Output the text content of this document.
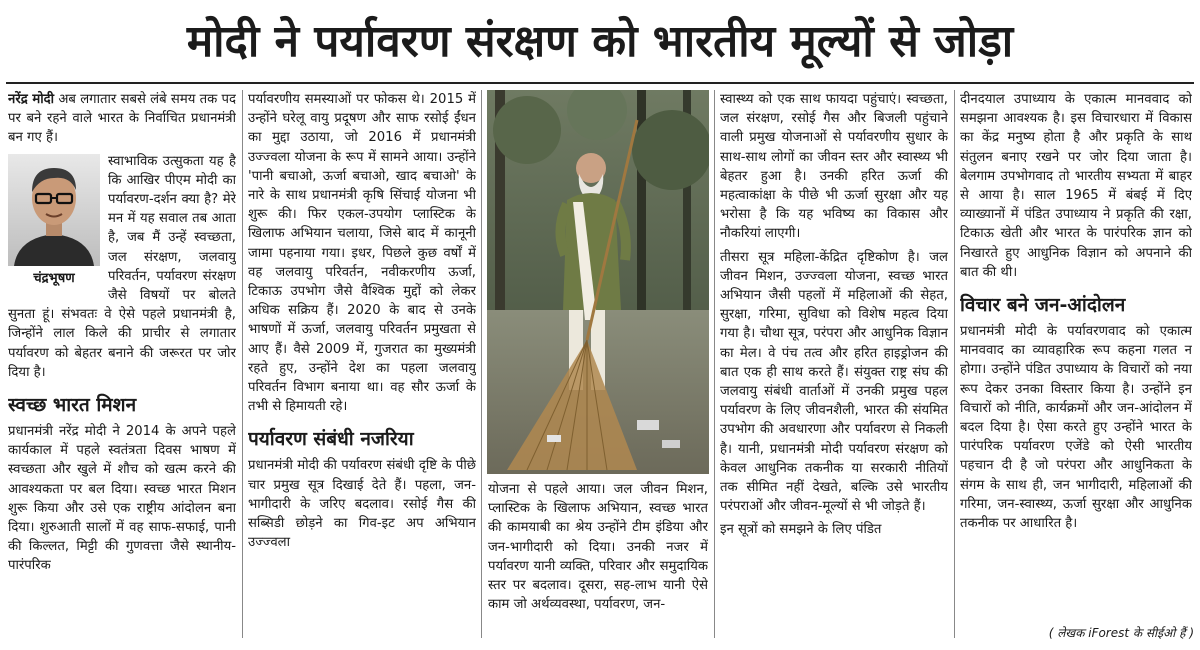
मोदी ने पर्यावरण संरक्षण को भारतीय मूल्यों से जोड़ा

नरेंद्र मोदी अब लगातार सबसे लंबे समय तक पद पर बने रहने वाले भारत के निर्वाचित प्रधानमंत्री बन गए हैं।

चंद्रभूषण

स्वाभाविक उत्सुकता यह है कि आखिर पीएम मोदी का पर्यावरण-दर्शन क्या है? मेरे मन में यह सवाल तब आता है, जब मैं उन्हें स्वच्छता, जल संरक्षण, जलवायु परिवर्तन, पर्यावरण संरक्षण जैसे विषयों पर बोलते सुनता हूं। संभवतः वे ऐसे पहले प्रधानमंत्री है, जिन्होंने लाल किले की प्राचीर से लगातार पर्यावरण को बेहतर बनाने की जरूरत पर जोर दिया है।

स्वच्छ भारत मिशन

प्रधानमंत्री नरेंद्र मोदी ने 2014 के अपने पहले कार्यकाल में पहले स्वतंत्रता दिवस भाषण में स्वच्छता और खुले में शौच को खत्म करने की आवश्यकता पर बल दिया। स्वच्छ भारत मिशन शुरू किया और उसे एक राष्ट्रीय आंदोलन बना दिया। शुरुआती सालों में वह साफ-सफाई, पानी की किल्लत, मिट्टी की गुणवत्ता जैसे स्थानीय-पारंपरिक

पर्यावरणीय समस्याओं पर फोकस थे। 2015 में उन्होंने घरेलू वायु प्रदूषण और साफ रसोई ईंधन का मुद्दा उठाया, जो 2016 में प्रधानमंत्री उज्ज्वला योजना के रूप में सामने आया। उन्होंने 'पानी बचाओ, ऊर्जा बचाओ, खाद बचाओ' के नारे के साथ प्रधानमंत्री कृषि सिंचाई योजना भी शुरू की। फिर एकल-उपयोग प्लास्टिक के खिलाफ अभियान चलाया, जिसे बाद में कानूनी जामा पहनाया गया। इधर, पिछले कुछ वर्षों में वह जलवायु परिवर्तन, नवीकरणीय ऊर्जा, टिकाऊ उपभोग जैसे वैश्विक मुद्दों को लेकर अधिक सक्रिय हैं। 2020 के बाद से उनके भाषणों में ऊर्जा, जलवायु परिवर्तन प्रमुखता से आए हैं। वैसे 2009 में, गुजरात का मुख्यमंत्री रहते हुए, उन्होंने देश का पहला जलवायु परिवर्तन विभाग बनाया था। वह सौर ऊर्जा के तभी से हिमायती रहे।

पर्यावरण संबंधी नजरिया

प्रधानमंत्री मोदी की पर्यावरण संबंधी दृष्टि के पीछे चार प्रमुख सूत्र दिखाई देते हैं। पहला, जन-भागीदारी के जरिए बदलाव। रसोई गैस की सब्सिडी छोड़ने का गिव-इट अप अभियान उज्ज्वला

योजना से पहले आया। जल जीवन मिशन, प्लास्टिक के खिलाफ अभियान, स्वच्छ भारत की कामयाबी का श्रेय उन्होंने टीम इंडिया और जन-भागीदारी को दिया। उनकी नजर में पर्यावरण यानी व्यक्ति, परिवार और समुदायिक स्तर पर बदलाव। दूसरा, सह-लाभ यानी ऐसे काम जो अर्थव्यवस्था, पर्यावरण, जन-

स्वास्थ्य को एक साथ फायदा पहुंचाएं। स्वच्छता, जल संरक्षण, रसोई गैस और बिजली पहुंचाने वाली प्रमुख योजनाओं से पर्यावरणीय सुधार के साथ-साथ लोगों का जीवन स्तर और स्वास्थ्य भी बेहतर हुआ है। उनकी हरित ऊर्जा की महत्वाकांक्षा के पीछे भी ऊर्जा सुरक्षा और यह भरोसा है कि यह भविष्य का विकास और नौकरियां लाएगी।

तीसरा सूत्र महिला-केंद्रित दृष्टिकोण है। जल जीवन मिशन, उज्ज्वला योजना, स्वच्छ भारत अभियान जैसी पहलों में महिलाओं की सेहत, सुरक्षा, गरिमा, सुविधा को विशेष महत्व दिया गया है। चौथा सूत्र, परंपरा और आधुनिक विज्ञान का मेल। वे पंच तत्व और हरित हाइड्रोजन की बात एक ही साथ करते हैं। संयुक्त राष्ट्र संघ की जलवायु संबंधी वार्ताओं में उनकी प्रमुख पहल पर्यावरण के लिए जीवनशैली, भारत की संयमित उपभोग की अवधारणा और पर्यावरण से निकली है। यानी, प्रधानमंत्री मोदी पर्यावरण संरक्षण को केवल आधुनिक तकनीक या सरकारी नीतियों तक सीमित नहीं देखते, बल्कि उसे भारतीय परंपराओं और जीवन-मूल्यों से भी जोड़ते हैं।

इन सूत्रों को समझने के लिए पंडित

दीनदयाल उपाध्याय के एकात्म मानववाद को समझना आवश्यक है। इस विचारधारा में विकास का केंद्र मनुष्य होता है और प्रकृति के साथ संतुलन बनाए रखने पर जोर दिया जाता है। बेलगाम उपभोगवाद तो भारतीय सभ्यता में बाहर से आया है। साल 1965 में बंबई में दिए व्याख्यानों में पंडित उपाध्याय ने प्रकृति की रक्षा, टिकाऊ खेती और भारत के पारंपरिक ज्ञान को निखारते हुए आधुनिक विज्ञान को अपनाने की बात की थी।

विचार बने जन-आंदोलन

प्रधानमंत्री मोदी के पर्यावरणवाद को एकात्म मानववाद का व्यावहारिक रूप कहना गलत न होगा। उन्होंने पंडित उपाध्याय के विचारों को नया रूप देकर उनका विस्तार किया है। उन्होंने इन विचारों को नीति, कार्यक्रमों और जन-आंदोलन में बदल दिया है। ऐसा करते हुए उन्होंने भारत के पारंपरिक पर्यावरण एजेंडे को ऐसी भारतीय पहचान दी है जो परंपरा और आधुनिकता के संगम के साथ ही, जन भागीदारी, महिलाओं की गरिमा, जन-स्वास्थ्य, ऊर्जा सुरक्षा और आधुनिक तकनीक पर आधारित है।

( लेखक iForest के सीईओ हैं )
